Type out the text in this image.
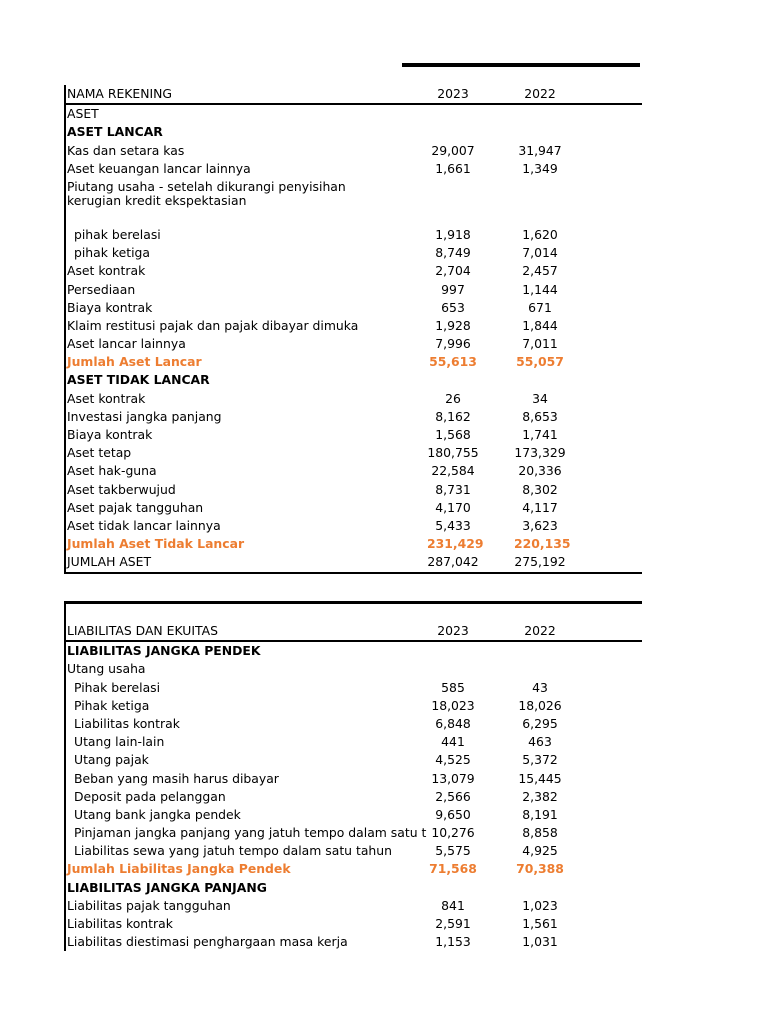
NAMA REKENING	2023	2022
ASET
ASET LANCAR
Kas dan setara kas	29,007	31,947
Aset keuangan lancar lainnya	1,661	1,349
Piutang usaha - setelah dikurangi penyisihan kerugian kredit ekspektasian
pihak berelasi	1,918	1,620
pihak ketiga	8,749	7,014
Aset kontrak	2,704	2,457
Persediaan	997	1,144
Biaya kontrak	653	671
Klaim restitusi pajak dan pajak dibayar dimuka	1,928	1,844
Aset lancar lainnya	7,996	7,011
Jumlah Aset Lancar	55,613	55,057
ASET TIDAK LANCAR
Aset kontrak	26	34
Investasi jangka panjang	8,162	8,653
Biaya kontrak	1,568	1,741
Aset tetap	180,755	173,329
Aset hak-guna	22,584	20,336
Aset takberwujud	8,731	8,302
Aset pajak tangguhan	4,170	4,117
Aset tidak lancar lainnya	5,433	3,623
Jumlah Aset Tidak Lancar	231,429 220,135
JUMLAH ASET	287,042	275,192
LIABILITAS DAN EKUITAS	2023	2022
LIABILITAS JANGKA PENDEK
Utang usaha
Pihak berelasi	585	43
Pihak ketiga	18,023	18,026
Liabilitas kontrak	6,848	6,295
Utang lain-lain	441	463
Utang pajak	4,525	5,372
Beban yang masih harus dibayar	13,079	15,445
Deposit pada pelanggan	2,566	2,382
Utang bank jangka pendek	9,650	8,191
Pinjaman jangka panjang yang jatuh tempo dalam satu t 10,276	8,858
Liabilitas sewa yang jatuh tempo dalam satu tahun	5,575	4,925
Jumlah Liabilitas Jangka Pendek	71,568	70,388
LIABILITAS JANGKA PANJANG
Liabilitas pajak tangguhan	841	1,023
Liabilitas kontrak	2,591	1,561
Liabilitas diestimasi penghargaan masa kerja	1,153	1,031
